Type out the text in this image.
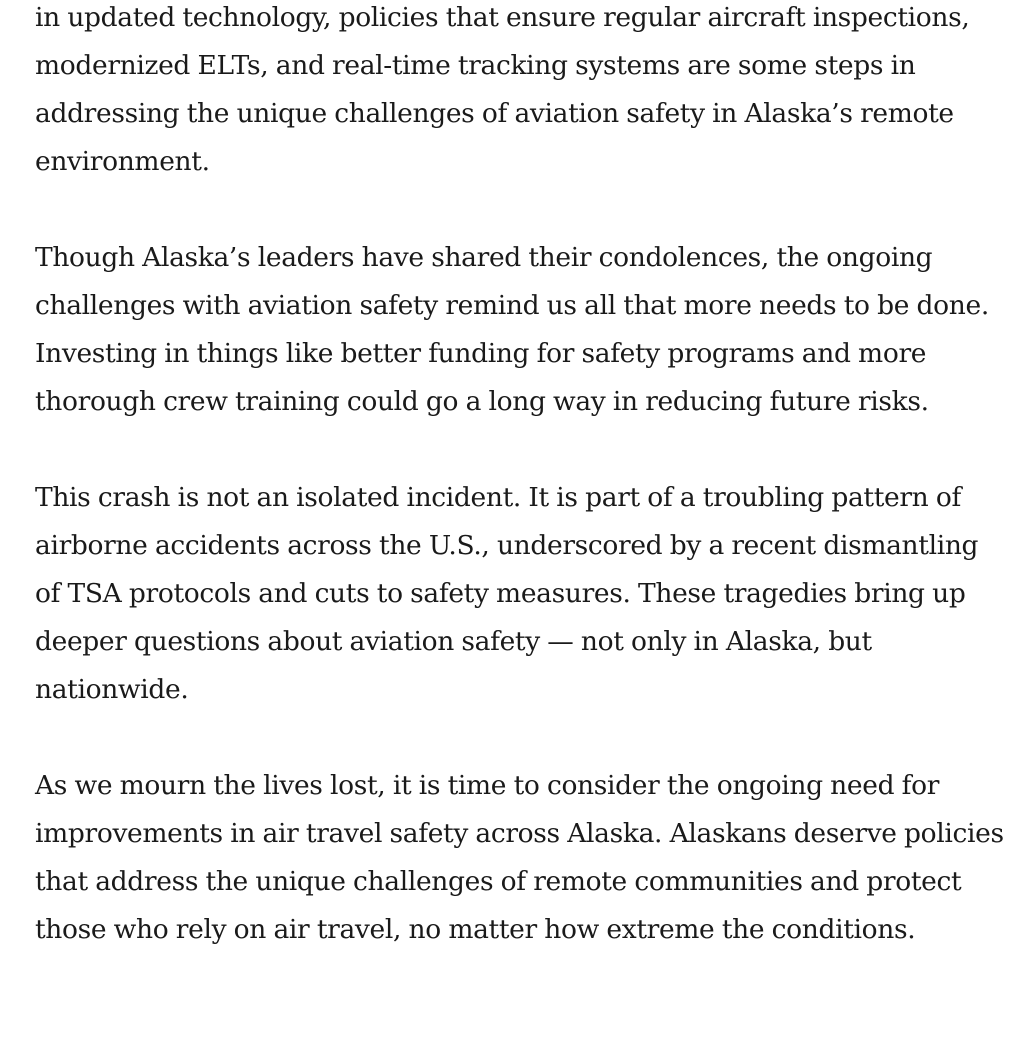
in updated technology, policies that ensure regular aircraft inspections, modernized ELTs, and real-time tracking systems are some steps in addressing the unique challenges of aviation safety in Alaska’s remote environment.

Though Alaska’s leaders have shared their condolences, the ongoing challenges with aviation safety remind us all that more needs to be done. Investing in things like better funding for safety programs and more thorough crew training could go a long way in reducing future risks.

This crash is not an isolated incident. It is part of a troubling pattern of airborne accidents across the U.S., underscored by a recent dismantling of TSA protocols and cuts to safety measures. These tragedies bring up deeper questions about aviation safety — not only in Alaska, but nationwide.

As we mourn the lives lost, it is time to consider the ongoing need for improvements in air travel safety across Alaska. Alaskans deserve policies that address the unique challenges of remote communities and protect those who rely on air travel, no matter how extreme the conditions.
